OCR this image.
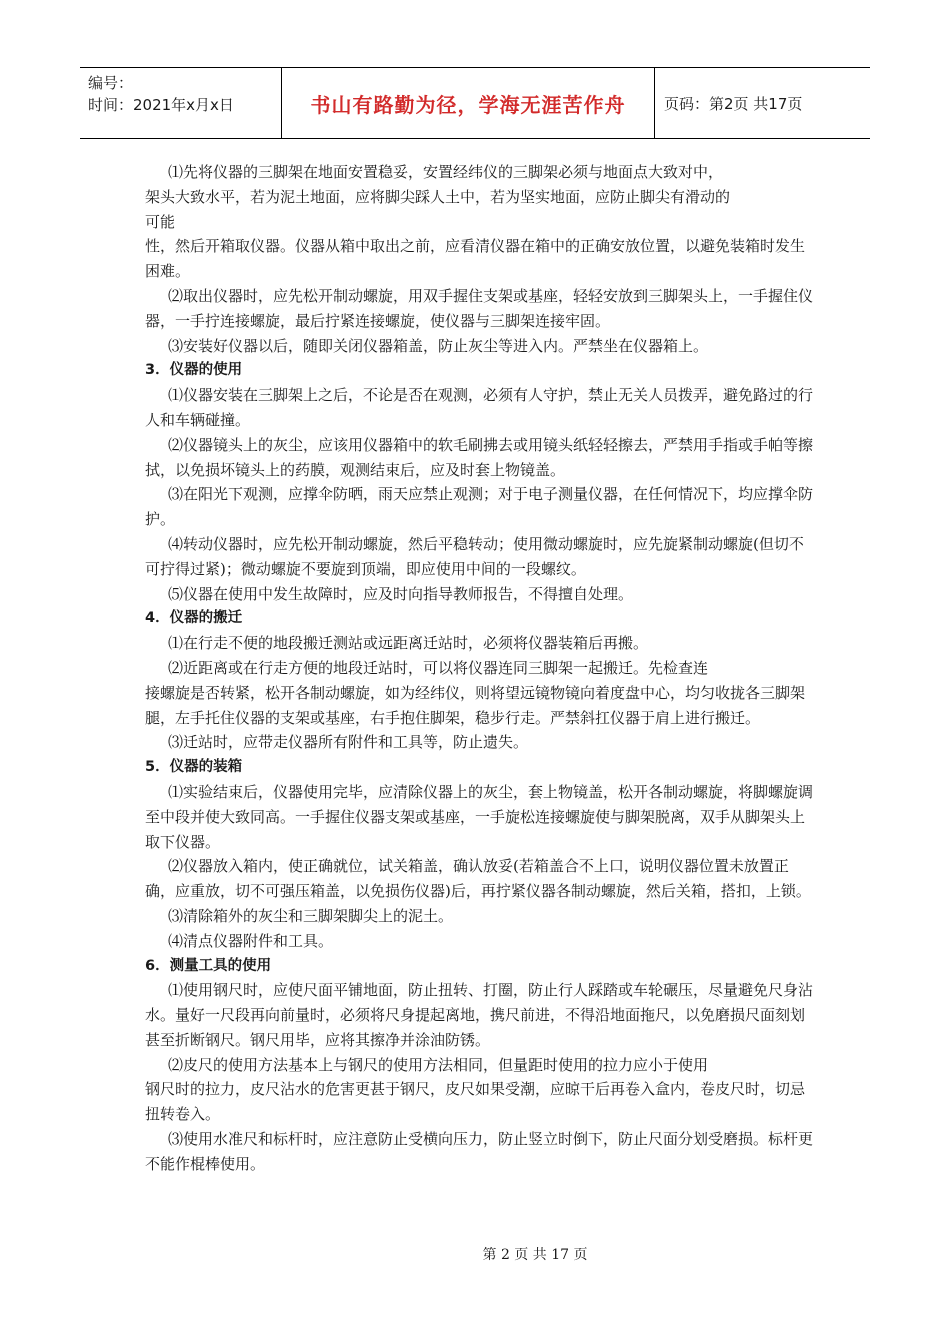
编号：
时间：2021年x月x日	书山有路勤为径，学海无涯苦作舟	页码：第2页 共17页

⑴先将仪器的三脚架在地面安置稳妥，安置经纬仪的三脚架必须与地面点大致对中，

架头大致水平，若为泥土地面，应将脚尖踩人土中，若为坚实地面，应防止脚尖有滑动的

可能

性，然后开箱取仪器。仪器从箱中取出之前，应看清仪器在箱中的正确安放位置，以避免装箱时发生困难。

⑵取出仪器时，应先松开制动螺旋，用双手握住支架或基座，轻轻安放到三脚架头上，一手握住仪器，一手拧连接螺旋，最后拧紧连接螺旋，使仪器与三脚架连接牢固。

⑶安装好仪器以后，随即关闭仪器箱盖，防止灰尘等进入内。严禁坐在仪器箱上。

3．仪器的使用

⑴仪器安装在三脚架上之后，不论是否在观测，必须有人守护，禁止无关人员拨弄，避免路过的行人和车辆碰撞。

⑵仪器镜头上的灰尘，应该用仪器箱中的软毛刷拂去或用镜头纸轻轻擦去，严禁用手指或手帕等擦拭，以免损坏镜头上的药膜，观测结束后，应及时套上物镜盖。

⑶在阳光下观测，应撑伞防晒，雨天应禁止观测；对于电子测量仪器，在任何情况下，均应撑伞防护。

⑷转动仪器时，应先松开制动螺旋，然后平稳转动；使用微动螺旋时，应先旋紧制动螺旋(但切不可拧得过紧)；微动螺旋不要旋到顶端，即应使用中间的一段螺纹。

⑸仪器在使用中发生故障时，应及时向指导教师报告，不得擅自处理。

4．仪器的搬迁

⑴在行走不便的地段搬迁测站或远距离迁站时，必须将仪器装箱后再搬。

⑵近距离或在行走方便的地段迁站时，可以将仪器连同三脚架一起搬迁。先检查连

接螺旋是否转紧，松开各制动螺旋，如为经纬仪，则将望远镜物镜向着度盘中心，均匀收拢各三脚架腿，左手托住仪器的支架或基座，右手抱住脚架，稳步行走。严禁斜扛仪器于肩上进行搬迁。

⑶迁站时，应带走仪器所有附件和工具等，防止遗失。

5．仪器的装箱

⑴实验结束后，仪器使用完毕，应清除仪器上的灰尘，套上物镜盖，松开各制动螺旋，将脚螺旋调至中段并使大致同高。一手握住仪器支架或基座，一手旋松连接螺旋使与脚架脱离，双手从脚架头上取下仪器。

⑵仪器放入箱内，使正确就位，试关箱盖，确认放妥(若箱盖合不上口，说明仪器位置未放置正确，应重放，切不可强压箱盖，以免损伤仪器)后，再拧紧仪器各制动螺旋，然后关箱，搭扣，上锁。

⑶清除箱外的灰尘和三脚架脚尖上的泥土。

⑷清点仪器附件和工具。

6．测量工具的使用

⑴使用钢尺时，应使尺面平铺地面，防止扭转、打圈，防止行人踩踏或车轮碾压，尽量避免尺身沾水。量好一尺段再向前量时，必须将尺身提起离地，携尺前进，不得沿地面拖尺，以免磨损尺面刻划甚至折断钢尺。钢尺用毕，应将其擦净并涂油防锈。

⑵皮尺的使用方法基本上与钢尺的使用方法相同，但量距时使用的拉力应小于使用

钢尺时的拉力，皮尺沾水的危害更甚于钢尺，皮尺如果受潮，应晾干后再卷入盒内，卷皮尺时，切忌扭转卷入。

⑶使用水准尺和标杆时，应注意防止受横向压力，防止竖立时倒下，防止尺面分划受磨损。标杆更不能作棍棒使用。

第 2 页 共 17 页
